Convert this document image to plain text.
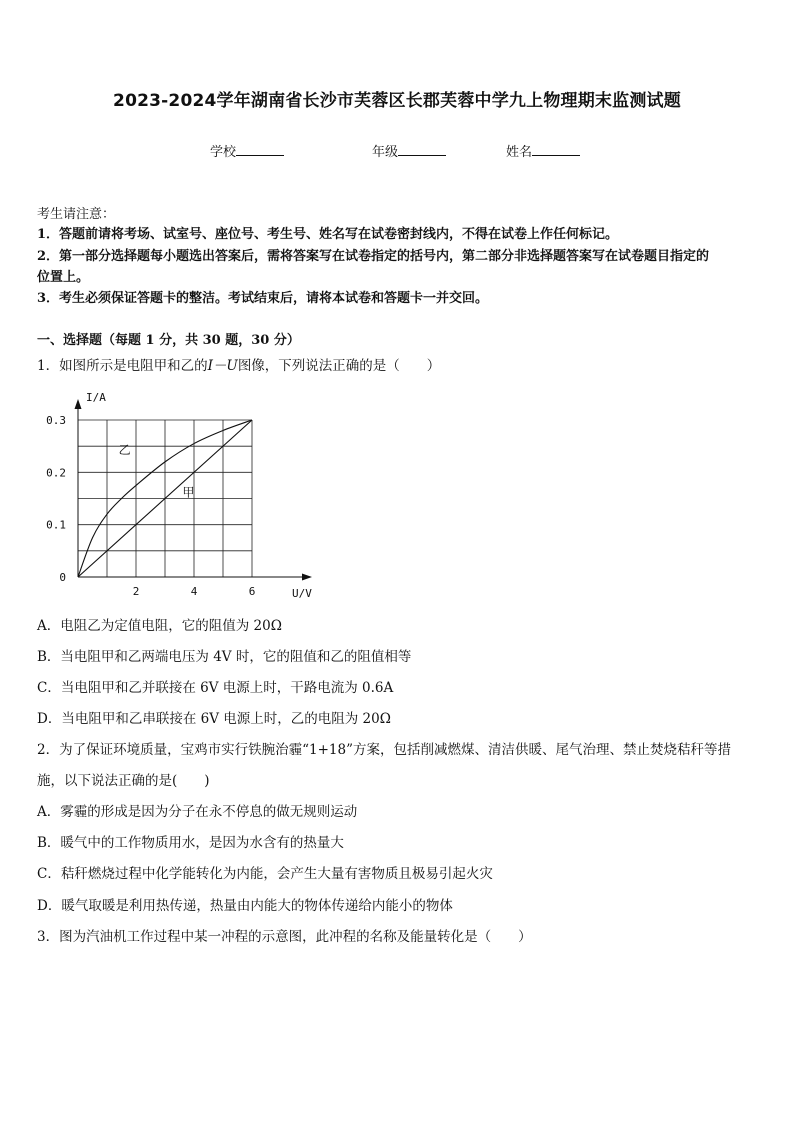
2023-2024学年湖南省长沙市芙蓉区长郡芙蓉中学九上物理期末监测试题
学校	年级	姓名
考生请注意：
1．答题前请将考场、试室号、座位号、考生号、姓名写在试卷密封线内，不得在试卷上作任何标记。
2．第一部分选择题每小题选出答案后，需将答案写在试卷指定的括号内，第二部分非选择题答案写在试卷题目指定的
位置上。
3．考生必须保证答题卡的整洁。考试结束后，请将本试卷和答题卡一并交回。
一、选择题（每题 1 分，共 30 题，30 分）
1．如图所示是电阻甲和乙的I－U图像，下列说法正确的是（　　）
甲
乙
2	4	6
0.1
0.2
0.3
0
I/A
U/V
A．电阻乙为定值电阻，它的阻值为 20Ω
B．当电阻甲和乙两端电压为 4V 时，它的阻值和乙的阻值相等
C．当电阻甲和乙并联接在 6V 电源上时，干路电流为 0.6A
D．当电阻甲和乙串联接在 6V 电源上时，乙的电阻为 20Ω
2．为了保证环境质量，宝鸡市实行铁腕治霾“1+18”方案，包括削减燃煤、清洁供暖、尾气治理、禁止焚烧秸秆等措
施，以下说法正确的是(　　)
A．雾霾的形成是因为分子在永不停息的做无规则运动
B．暖气中的工作物质用水，是因为水含有的热量大
C．秸秆燃烧过程中化学能转化为内能，会产生大量有害物质且极易引起火灾
D．暖气取暖是利用热传递，热量由内能大的物体传递给内能小的物体
3．图为汽油机工作过程中某一冲程的示意图，此冲程的名称及能量转化是（　　）
